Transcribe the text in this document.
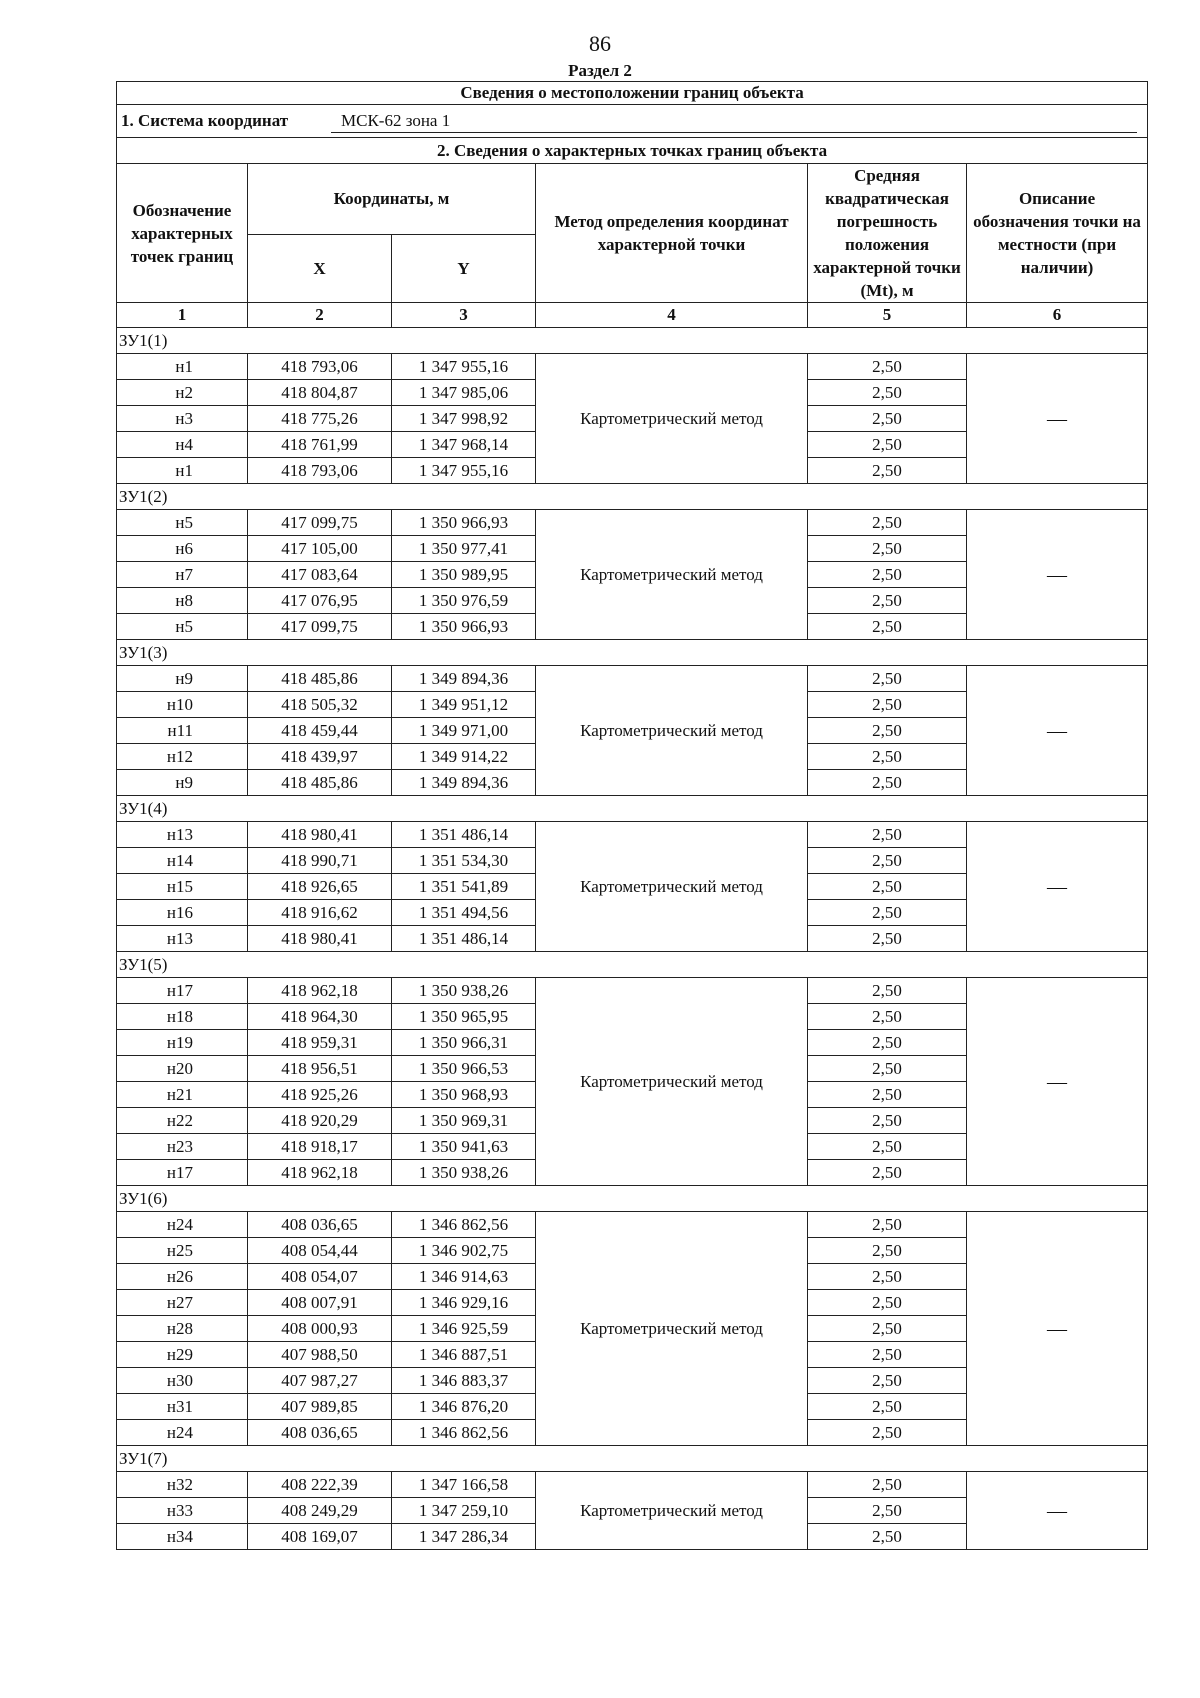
86
Раздел 2
Сведения о местоположении границ объекта					

1. Система координат МСК-62 зона 1					

2. Сведения о характерных точках границ объекта					
Обозначение характерных точек границ	Координаты, м		Метод определения координат характерной точки	Средняя квадратическая погрешность положения характерной точки (Mt), м	Описание обозначения точки на местности (при наличии)
	X	Y			
1	2	3	4	5	6
ЗУ1(1)					
н1	418 793,06	1 347 955,16	Картометрический метод	2,50	—
н2	418 804,87	1 347 985,06		2,50	
н3	418 775,26	1 347 998,92		2,50	
н4	418 761,99	1 347 968,14		2,50	
н1	418 793,06	1 347 955,16		2,50	
ЗУ1(2)					
н5	417 099,75	1 350 966,93	Картометрический метод	2,50	—
н6	417 105,00	1 350 977,41		2,50	
н7	417 083,64	1 350 989,95		2,50	
н8	417 076,95	1 350 976,59		2,50	
н5	417 099,75	1 350 966,93		2,50	
ЗУ1(3)					
н9	418 485,86	1 349 894,36	Картометрический метод	2,50	—
н10	418 505,32	1 349 951,12		2,50	
н11	418 459,44	1 349 971,00		2,50	
н12	418 439,97	1 349 914,22		2,50	
н9	418 485,86	1 349 894,36		2,50	
ЗУ1(4)					
н13	418 980,41	1 351 486,14	Картометрический метод	2,50	—
н14	418 990,71	1 351 534,30		2,50	
н15	418 926,65	1 351 541,89		2,50	
н16	418 916,62	1 351 494,56		2,50	
н13	418 980,41	1 351 486,14		2,50	
ЗУ1(5)					
н17	418 962,18	1 350 938,26	Картометрический метод	2,50	—
н18	418 964,30	1 350 965,95		2,50	
н19	418 959,31	1 350 966,31		2,50	
н20	418 956,51	1 350 966,53		2,50	
н21	418 925,26	1 350 968,93		2,50	
н22	418 920,29	1 350 969,31		2,50	
н23	418 918,17	1 350 941,63		2,50	
н17	418 962,18	1 350 938,26		2,50	
ЗУ1(6)					
н24	408 036,65	1 346 862,56	Картометрический метод	2,50	—
н25	408 054,44	1 346 902,75		2,50	
н26	408 054,07	1 346 914,63		2,50	
н27	408 007,91	1 346 929,16		2,50	
н28	408 000,93	1 346 925,59		2,50	
н29	407 988,50	1 346 887,51		2,50	
н30	407 987,27	1 346 883,37		2,50	
н31	407 989,85	1 346 876,20		2,50	
н24	408 036,65	1 346 862,56		2,50	
ЗУ1(7)					
н32	408 222,39	1 347 166,58	Картометрический метод	2,50	—
н33	408 249,29	1 347 259,10		2,50	
н34	408 169,07	1 347 286,34		2,50	
